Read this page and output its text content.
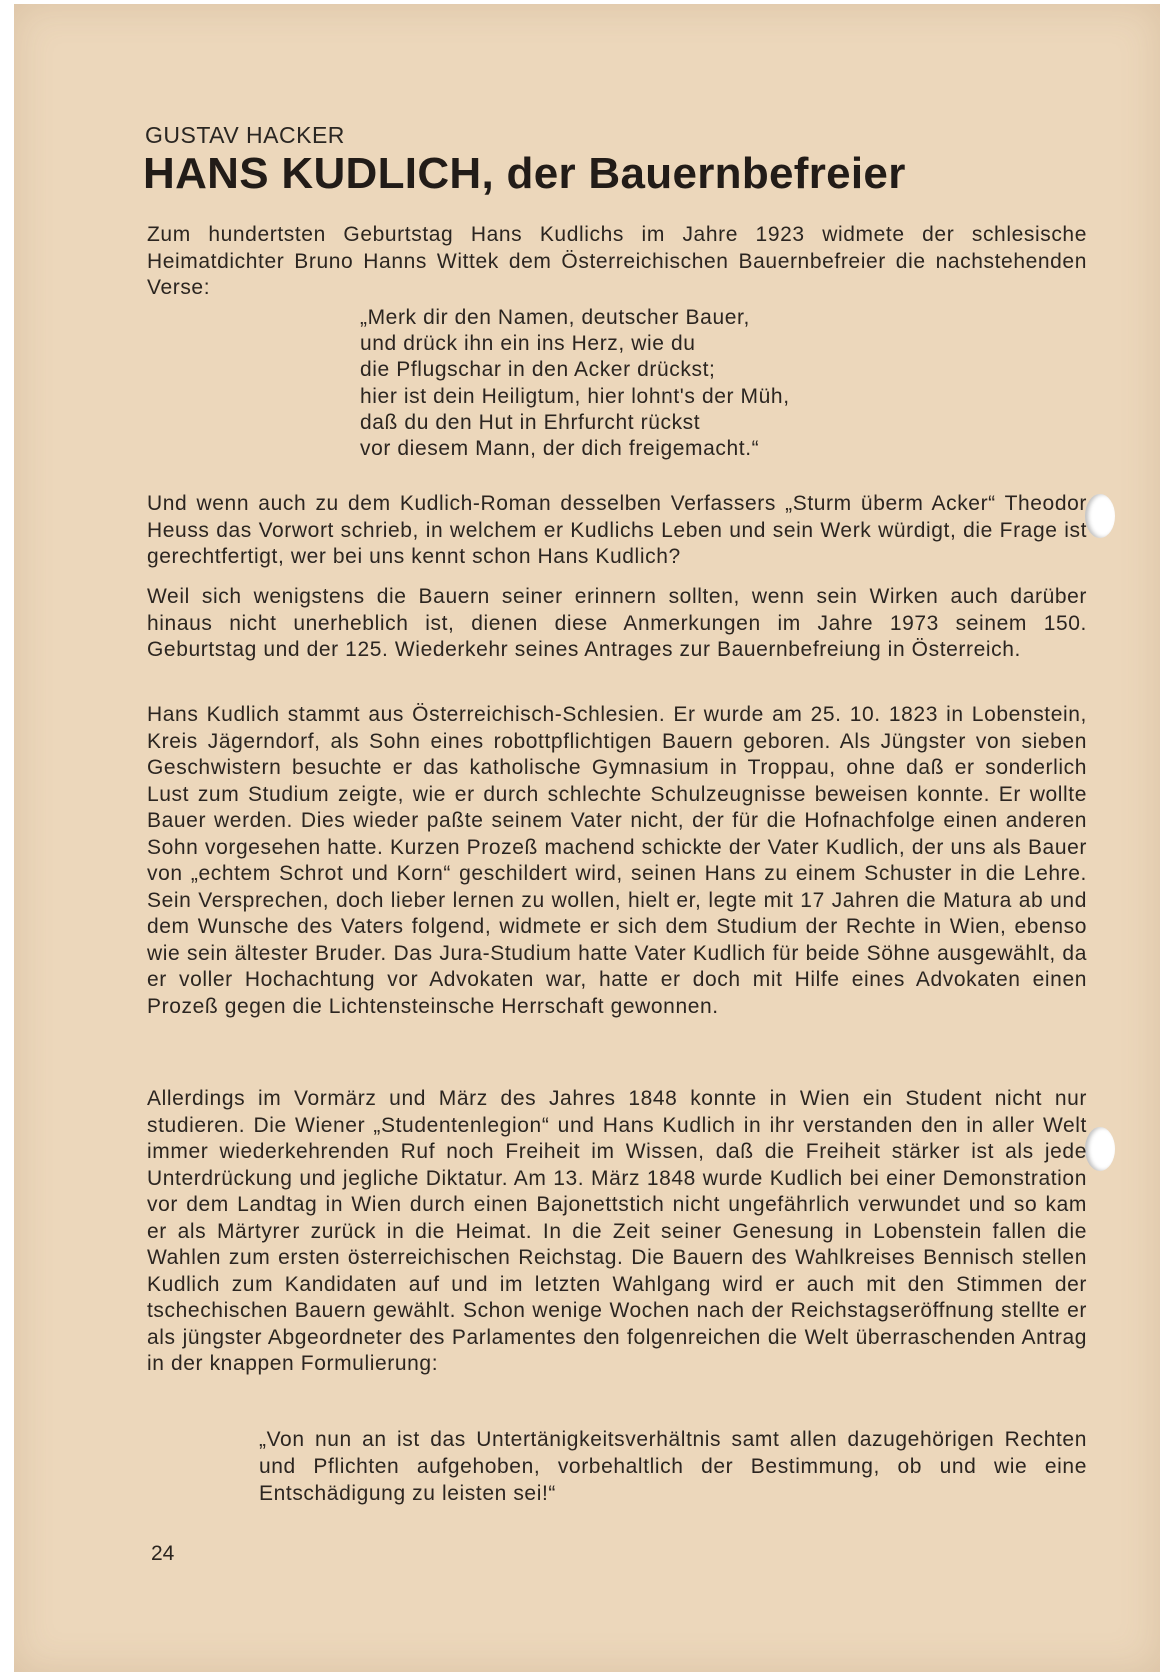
GUSTAV HACKER
HANS KUDLICH, der Bauernbefreier

Zum hundertsten Geburtstag Hans Kudlichs im Jahre 1923 widmete der schlesische Heimatdichter Bruno Hanns Wittek dem Österreichischen Bauernbefreier die nachstehenden Verse:

„Merk dir den Namen, deutscher Bauer,
und drück ihn ein ins Herz, wie du
die Pflugschar in den Acker drückst;
hier ist dein Heiligtum, hier lohnt's der Müh,
daß du den Hut in Ehrfurcht rückst
vor diesem Mann, der dich freigemacht.“

Und wenn auch zu dem Kudlich-Roman desselben Verfassers „Sturm überm Acker“ Theodor Heuss das Vorwort schrieb, in welchem er Kudlichs Leben und sein Werk würdigt, die Frage ist gerechtfertigt, wer bei uns kennt schon Hans Kudlich?

Weil sich wenigstens die Bauern seiner erinnern sollten, wenn sein Wirken auch darüber hinaus nicht unerheblich ist, dienen diese Anmerkungen im Jahre 1973 seinem 150. Geburtstag und der 125. Wiederkehr seines Antrages zur Bauernbefreiung in Österreich.

Hans Kudlich stammt aus Österreichisch-Schlesien. Er wurde am 25. 10. 1823 in Lobenstein, Kreis Jägerndorf, als Sohn eines robottpflichtigen Bauern geboren. Als Jüngster von sieben Geschwistern besuchte er das katholische Gymnasium in Troppau, ohne daß er sonderlich Lust zum Studium zeigte, wie er durch schlechte Schulzeugnisse beweisen konnte. Er wollte Bauer werden. Dies wieder paßte seinem Vater nicht, der für die Hofnachfolge einen anderen Sohn vorgesehen hatte. Kurzen Prozeß machend schickte der Vater Kudlich, der uns als Bauer von „echtem Schrot und Korn“ geschildert wird, seinen Hans zu einem Schuster in die Lehre. Sein Versprechen, doch lieber lernen zu wollen, hielt er, legte mit 17 Jahren die Matura ab und dem Wunsche des Vaters folgend, widmete er sich dem Studium der Rechte in Wien, ebenso wie sein ältester Bruder. Das Jura-Studium hatte Vater Kudlich für beide Söhne ausgewählt, da er voller Hochachtung vor Advokaten war, hatte er doch mit Hilfe eines Advokaten einen Prozeß gegen die Lichtensteinsche Herrschaft gewonnen.

Allerdings im Vormärz und März des Jahres 1848 konnte in Wien ein Student nicht nur studieren. Die Wiener „Studentenlegion“ und Hans Kudlich in ihr verstanden den in aller Welt immer wiederkehrenden Ruf noch Freiheit im Wissen, daß die Freiheit stärker ist als jede Unterdrückung und jegliche Diktatur. Am 13. März 1848 wurde Kudlich bei einer Demonstration vor dem Landtag in Wien durch einen Bajonettstich nicht ungefährlich verwundet und so kam er als Märtyrer zurück in die Heimat. In die Zeit seiner Genesung in Lobenstein fallen die Wahlen zum ersten österreichischen Reichstag. Die Bauern des Wahlkreises Bennisch stellen Kudlich zum Kandidaten auf und im letzten Wahlgang wird er auch mit den Stimmen der tschechischen Bauern gewählt. Schon wenige Wochen nach der Reichstagseröffnung stellte er als jüngster Abgeordneter des Parlamentes den folgenreichen die Welt überraschenden Antrag in der knappen Formulierung:

„Von nun an ist das Untertänigkeitsverhältnis samt allen dazugehörigen Rechten und Pflichten aufgehoben, vorbehaltlich der Bestimmung, ob und wie eine Entschädigung zu leisten sei!“

24
